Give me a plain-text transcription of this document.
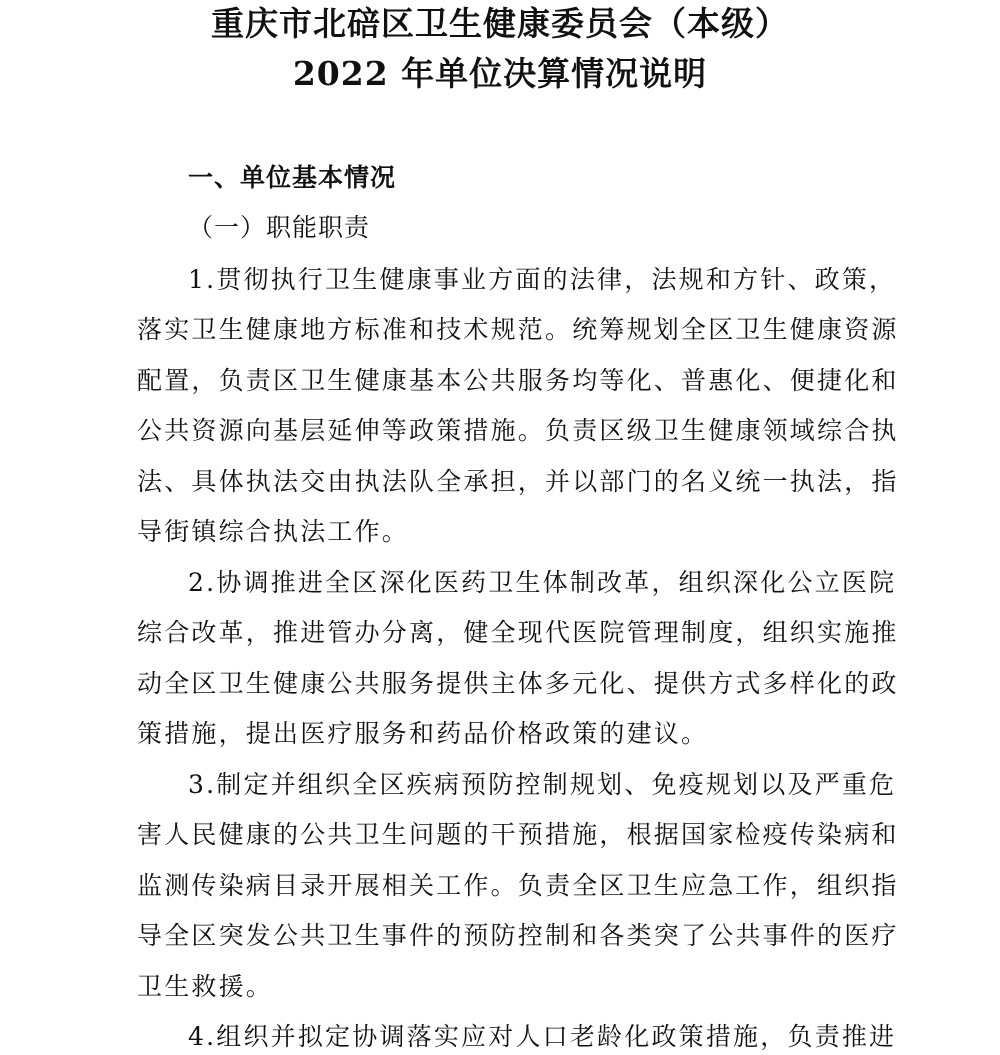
重庆市北碚区卫生健康委员会（本级）
2022 年单位决算情况说明
一、单位基本情况
（一）职能职责
1.贯彻执行卫生健康事业方面的法律，法规和方针、政策，
落实卫生健康地方标准和技术规范。统筹规划全区卫生健康资源
配置，负责区卫生健康基本公共服务均等化、普惠化、便捷化和
公共资源向基层延伸等政策措施。负责区级卫生健康领域综合执
法、具体执法交由执法队全承担，并以部门的名义统一执法，指
导街镇综合执法工作。
2.协调推进全区深化医药卫生体制改革，组织深化公立医院
综合改革，推进管办分离，健全现代医院管理制度，组织实施推
动全区卫生健康公共服务提供主体多元化、提供方式多样化的政
策措施，提出医疗服务和药品价格政策的建议。
3.制定并组织全区疾病预防控制规划、免疫规划以及严重危
害人民健康的公共卫生问题的干预措施，根据国家检疫传染病和
监测传染病目录开展相关工作。负责全区卫生应急工作，组织指
导全区突发公共卫生事件的预防控制和各类突了公共事件的医疗
卫生救援。
4.组织并拟定协调落实应对人口老龄化政策措施，负责推进
